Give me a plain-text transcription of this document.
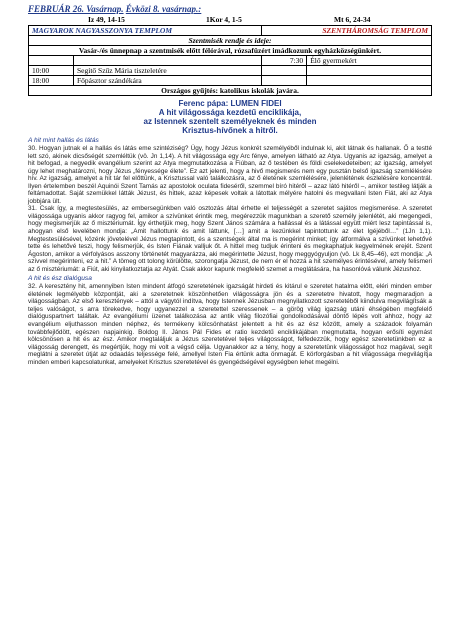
FEBRUÁR 26. Vasárnap. Évközi 8. vasárnap.:
Iz 49, 14-15	1Kor 4, 1-5	Mt 6, 24-34
MAGYAROK NAGYASSZONYA TEMPLOM		SZENTHÁROMSÁG TEMPLOM	
Szentmisék rendje és ideje:			
Vasár-/és ünnepnap a szentmisék előtt félórával, rózsafüzért imádkozunk egyházközségünkért.			
		7:30	Élő gyermekért
10:00	Segítő Szűz Mária tiszteletére		
18:00	Főpásztor szándékára		
Országos gyűjtés: katolikus iskolák javára.			
Ferenc pápa: LUMEN FIDEI
A hit világossága kezdetű enciklikája,
az Istennek szentelt személyeknek és minden
Krisztus-hívőnek a hitről.
A hit mint hallás és látás

30. Hogyan jutnak el a hallás és látás eme szintéziség? Úgy, hogy Jézus konkrét személyéből indulnak ki, akit látnak és hallanak. Ő a testté lett szó, akinek dicsőségét szemléltük (vö. Jn 1,14). A hit világossága egy Arc fénye, amelyen látható az Atya. Ugyanis az igazság, amelyet a hit befogad, a negyedik evangélium szerint az Atya megmutatkozása a Fiúban, az ő testében és földi cselekedeteiben; az igazság, amelyet úgy lehet meghatározni, hogy Jézus „fényessége élete”. Ez azt jelenti, hogy a hivő megismerés nem egy pusztán belső igazság szemlélésére hív. Az igazság, amelyet a hit tár fel előttünk, a Krisztussal való találkozásra, az ő életének szemlélésére, jelenlétének észlelésére koncentrál. Ilyen értelemben beszél Aquinói Szent Tamás az apostolok oculata fideséről, szemmel bíró hitéről – azaz látó hitéről –, amikor testileg látják a feltámadottat. Saját szemükkel látták Jézust, és hittek, azaz képesek voltak a látottak mélyére hatolni és megvallani Isten Fiát, aki az Atya jobbjára ült.

31. Csak így, a megtestesülés, az embersegünkben való osztozás által érhette el teljességét a szeretet sajátos megismerése. A szeretet világossága ugyanis akkor ragyog fel, amikor a szívünket érintik meg, megérezzük magunkban a szerető személy jelenlétét, aki megengedi, hogy megismerjük az ő misztériumát. Így érthetjük meg, hogy Szent János számára a hallással és a látással együtt miért lesz tapintással is, ahogyan első levelében mondja: „Amit hallottunk és amit láttunk, […] amit a kezünkkel tapintottunk az élet Igéjéből…” (1Jn 1,1). Megtestesülésével, közénk jövetelével Jézus megtapintott, és a szentségek által ma is megérint minket; így átformálva a szívünket lehetővé tette és lehetővé teszi, hogy felismerjük, és Isten Fiának valljuk őt. A hittel meg tudjuk érinteni és megkaphatjuk kegyelmének erejét. Szent Ágoston, amikor a vérfolyásos asszony történetét magyarázza, aki megérintette Jézust, hogy meggyógyuljon (vö. Lk 8,45–46), ezt mondja: „A szívvel megérinteni, ez a hit.” A tömeg ott tolong körülötte, szorongatja Jézust, de nem ér el hozzá a hit személyes érintésével, amely felismeri az ő misztériumát: a Fiút, aki kinyilatkoztatja az Atyát. Csak akkor kapunk megfelelő szemet a meglátására, ha hasonlóvá válunk Jézushoz.

A hit és ész dialógusa

32. A keresztény hit, amennyiben Isten mindent átfogó szeretetének igazságát hirdeti és kitárul e szeretet hatalma előtt, eléri minden ember életének legmélyebb központját, aki a szeretetnek köszönhetően világosságra jön és a szeretetre hivatott, hogy megmaradjon a világosságban. Az első keresztények – attól a vágytól indítva, hogy Istennek Jézusban megnyilatkozott szeretetéből kiindulva megvilágítsák a teljes valóságot, s arra törekedve, hogy ugyanezzel a szeretettel szeressenek – a görög világ igazság utáni éhségében megfelelő dialóguspartnert találtak. Az evangéliumi üzenet találkozása az antik világ filozófiai gondolkodásával döntő lépés volt ahhoz, hogy az evangélium eljuthasson minden néphez, és termékeny kölcsönhatást jelentett a hit és az ész között, amely a századok folyamán továbbfejlődött, egészen napjainkig. Boldog II. János Pál Fides et ratio kezdetű enciklikájában megmutatta, hogyan erősíti egymást kölcsönösen a hit és az ész. Amikor megtaláljuk a Jézus szeretetével teljes világosságot, felfedezzük, hogy egész szeretetünkben ez a világosság derengett, és megértjük, hogy mi volt a végső célja. Ugyanakkor az a tény, hogy a szeretetünk világosságot hoz magával, segít meglátni a szeretet útját az odaadás teljessége felé, amellyel Isten Fia értünk adta önmagát. E körforgásban a hit világossága megvilágítja minden emberi kapcsolatunkat, amelyeket Krisztus szeretetével és gyengédségével egységben lehet megélni.
